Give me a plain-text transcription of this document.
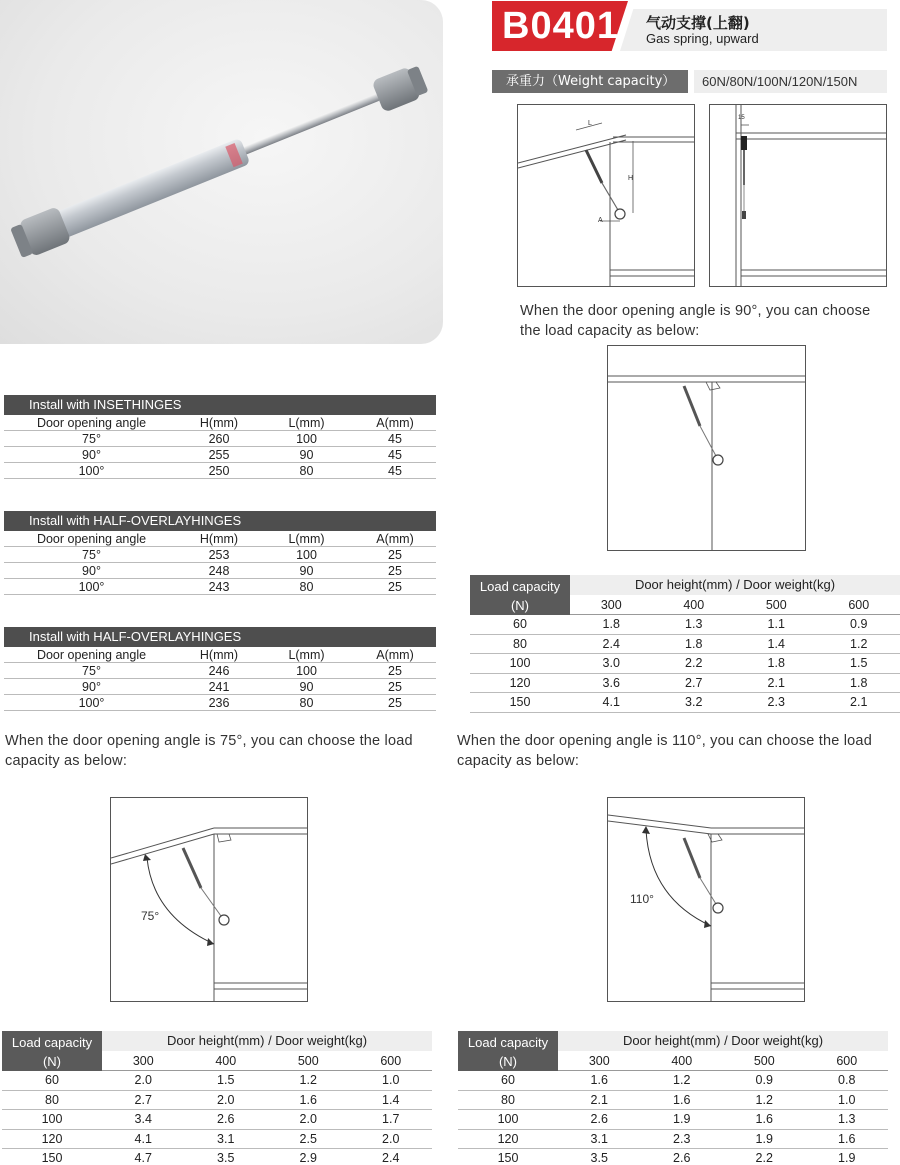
B0401 气动支撑(上翻)
Gas spring, upward
承重力（Weight capacity）	60N/80N/100N/120N/150N
L
H
A
15
When the door opening angle is 90°, you can choose the load capacity as below:
Install with INSETHINGES
Door opening angle	H(mm)	L(mm)	A(mm)
75°	260	100	45
90°	255	90	45
100°	250	80	45
Install with HALF-OVERLAYHINGES
Door opening angle	H(mm)	L(mm)	A(mm)
75°	253	100	25
90°	248	90	25
100°	243	80	25
Install with HALF-OVERLAYHINGES
Door opening angle	H(mm)	L(mm)	A(mm)
75°	246	100	25
90°	241	90	25
100°	236	80	25
Load capacity
(N)
Door height(mm) / Door weight(kg)
300	400	500	600
60	1.8	1.3	1.1	0.9
80	2.4	1.8	1.4	1.2
100	3.0	2.2	1.8	1.5
120	3.6	2.7	2.1	1.8
150	4.1	3.2	2.3	2.1
When the door opening angle is 75°, you can choose the load capacity as below:
When the door opening angle is 110°, you can choose the load capacity as below:
75°
110°
Load capacity
(N)
Door height(mm) / Door weight(kg)
300	400	500	600
60	2.0	1.5	1.2	1.0
80	2.7	2.0	1.6	1.4
100	3.4	2.6	2.0	1.7
120	4.1	3.1	2.5	2.0
150	4.7	3.5	2.9	2.4
Load capacity
(N)
Door height(mm) / Door weight(kg)
300	400	500	600
60	1.6	1.2	0.9	0.8
80	2.1	1.6	1.2	1.0
100	2.6	1.9	1.6	1.3
120	3.1	2.3	1.9	1.6
150	3.5	2.6	2.2	1.9
